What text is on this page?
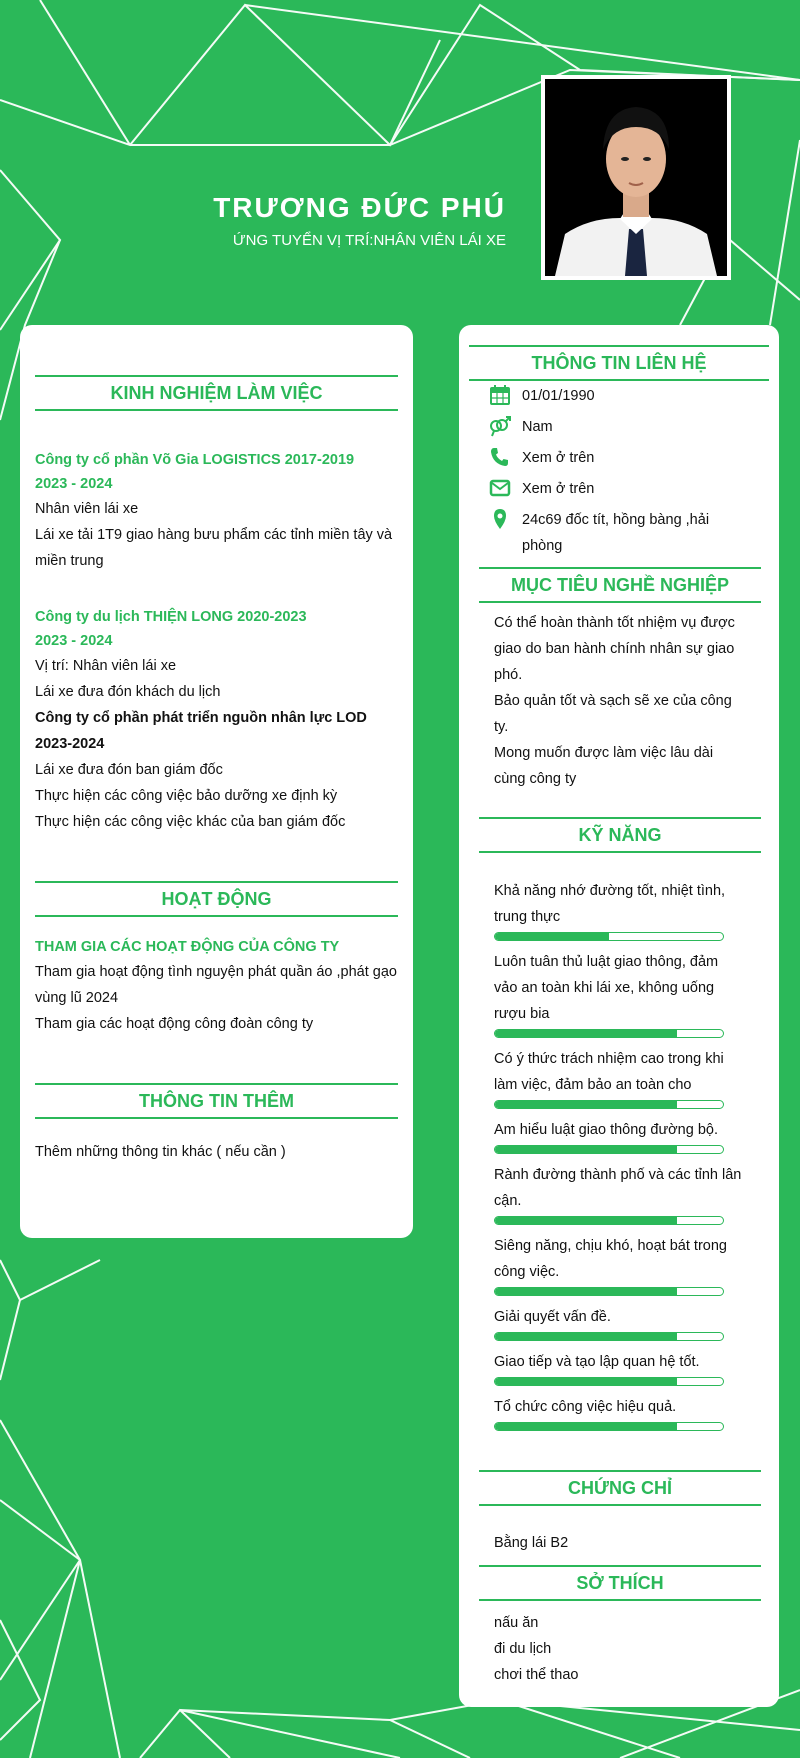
TRƯƠNG ĐỨC PHÚ
ỨNG TUYỂN VỊ TRÍ:NHÂN VIÊN LÁI XE
KINH NGHIỆM LÀM VIỆC
Công ty cổ phần Võ Gia LOGISTICS 2017-2019
2023 - 2024
Nhân viên lái xe
Lái xe tải 1T9 giao hàng bưu phẩm các tỉnh miền tây và miền trung
Công ty du lịch THIỆN LONG 2020-2023
2023 - 2024
Vị trí: Nhân viên lái xe
Lái xe đưa đón khách du lịch
Công ty cổ phần phát triển nguồn nhân lực LOD 2023-2024
Lái xe đưa đón ban giám đốc
Thực hiện các công việc bảo dưỡng xe định kỳ
Thực hiện các công việc khác của ban giám đốc
HOẠT ĐỘNG
THAM GIA CÁC HOẠT ĐỘNG CỦA CÔNG TY
Tham gia hoạt động tình nguyện phát quần áo ,phát gạo vùng lũ 2024
Tham gia các hoạt động công đoàn công ty
THÔNG TIN THÊM
Thêm những thông tin khác ( nếu cần )
THÔNG TIN LIÊN HỆ
01/01/1990
Nam
Xem ở trên
Xem ở trên
24c69 đốc tít, hồng bàng ,hải phòng
MỤC TIÊU NGHỀ NGHIỆP
Có thể hoàn thành tốt nhiệm vụ được giao do ban hành chính nhân sự giao phó.
Bảo quản tốt và sạch sẽ xe của công ty.
Mong muốn được làm việc lâu dài cùng công ty
KỸ NĂNG
Khả năng nhớ đường tốt, nhiệt tình, trung thực
Luôn tuân thủ luật giao thông, đảm vảo an toàn khi lái xe, không uống rượu bia
Có ý thức trách nhiệm cao trong khi làm việc, đảm bảo an toàn cho
Am hiểu luật giao thông đường bộ.
Rành đường thành phố và các tỉnh lân cận.
Siêng năng, chịu khó, hoạt bát trong công việc.
Giải quyết vấn đề.
Giao tiếp và tạo lập quan hệ tốt.
Tổ chức công việc hiệu quả.
CHỨNG CHỈ
Bằng lái B2
SỞ THÍCH
nấu ăn
đi du lịch
chơi thể thao
